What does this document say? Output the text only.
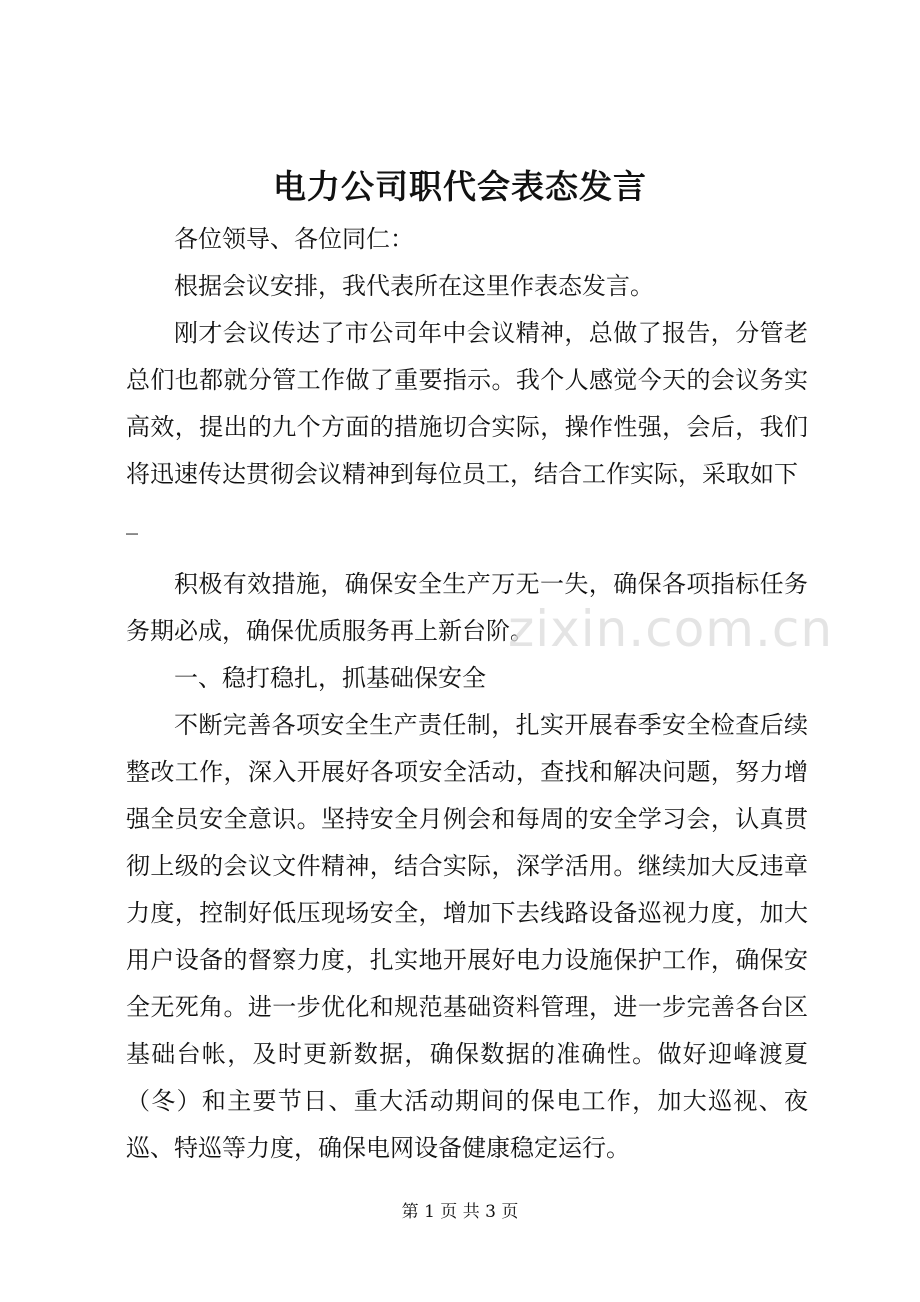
电力公司职代会表态发言

各位领导、各位同仁：

根据会议安排，我代表所在这里作表态发言。

刚才会议传达了市公司年中会议精神，总做了报告，分管老总们也都就分管工作做了重要指示。我个人感觉今天的会议务实高效，提出的九个方面的措施切合实际，操作性强，会后，我们将迅速传达贯彻会议精神到每位员工，结合工作实际，采取如下

_

积极有效措施，确保安全生产万无一失，确保各项指标任务务期必成，确保优质服务再上新台阶。

一、稳打稳扎，抓基础保安全

不断完善各项安全生产责任制，扎实开展春季安全检查后续整改工作，深入开展好各项安全活动，查找和解决问题，努力增强全员安全意识。坚持安全月例会和每周的安全学习会，认真贯彻上级的会议文件精神，结合实际，深学活用。继续加大反违章力度，控制好低压现场安全，增加下去线路设备巡视力度，加大用户设备的督察力度，扎实地开展好电力设施保护工作，确保安全无死角。进一步优化和规范基础资料管理，进一步完善各台区基础台帐，及时更新数据，确保数据的准确性。做好迎峰渡夏（冬）和主要节日、重大活动期间的保电工作，加大巡视、夜巡、特巡等力度，确保电网设备健康稳定运行。

zixin.com.cn
第 1 页 共 3 页
